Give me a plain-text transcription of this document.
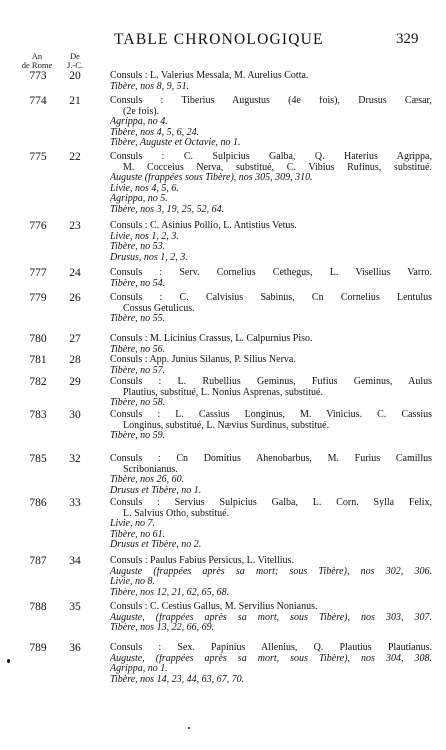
TABLE CHRONOLOGIQUE	329
An
de Rome
De
J.-C.
773	20	Consuls : L. Valerius Messala, M. Aurelius Cotta.
Tibère, nos 8, 9, 51.
774	21	Consuls : Tiberius Augustus (4e fois), Drusus Cæsar,
(2e fois).
Agrippa, no 4.
Tibère, nos 4, 5, 6, 24.
Tibère, Auguste et Octavie, no 1.
775	22	Consuls : C. Sulpicius Galba, Q. Haterius Agrippa,
M. Cocceius Nerva, substitué, C. Vibius Rufinus, substitué.
Auguste (frappées sous Tibère), nos 305, 309, 310.
Livie, nos 4, 5, 6.
Agrippa, no 5.
Tibère, nos 3, 19, 25, 52, 64.
776	23	Consuls : C. Asinius Pollio, L. Antistius Vetus.
Livie, nos 1, 2, 3.
Tibère, no 53.
Drusus, nos 1, 2, 3.
777	24	Consuls : Serv. Cornelius Cethegus, L. Visellius Varro.
Tibère, no 54.
779	26	Consuls : C. Calvisius Sabinus, Cn Cornelius Lentulus
Cossus Getulicus.
Tibère, no 55.
780	27	Consuls : M. Licinius Crassus, L. Calpurnius Piso.
Tibère, no 56.
781	28	Consuls : App. Junius Silanus, P. Silius Nerva.
Tibère, no 57.
782	29	Consuls : L. Rubellius Geminus, Fufius Geminus, Aulus
Plautius, substitué, L. Nonius Asprenas, substitué.
Tibère, no 58.
783	30	Consuls : L. Cassius Longinus, M. Vinicius. C. Cassius
Longinus, substitué, L. Nævius Surdinus, substitué.
Tibère, no 59.
785	32	Consuls : Cn Domitius Ahenobarbus, M. Furius Camillus
Scribonianus.
Tibère, nos 26, 60.
Drusus et Tibère, no 1.
786	33	Consuls : Servius Sulpicius Galba, L. Corn. Sylla Felix,
L. Salvius Otho, substitué.
Livie, no 7.
Tibère, no 61.
Drusus et Tibère, no 2.
787	34	Consuls : Paulus Fabius Persicus, L. Vitellius.
Auguste (frappées après sa mort; sous Tibère), nos 302, 306.
Livie, no 8.
Tibère, nos 12, 21, 62, 65, 68.
788	35	Consuls : C. Cestius Gallus, M. Servilius Nonianus.
Auguste, (frappées après sa mort, sous Tibère), nos 303, 307.
Tibère, nos 13, 22, 66, 69.
789	36	Consuls : Sex. Papinius Allenius, Q. Plautius Plautianus.
Auguste, (frappées après sa mort, sous Tibère), nos 304, 308.
Agrippa, no 1.
Tibère, nos 14, 23, 44, 63, 67, 70.
